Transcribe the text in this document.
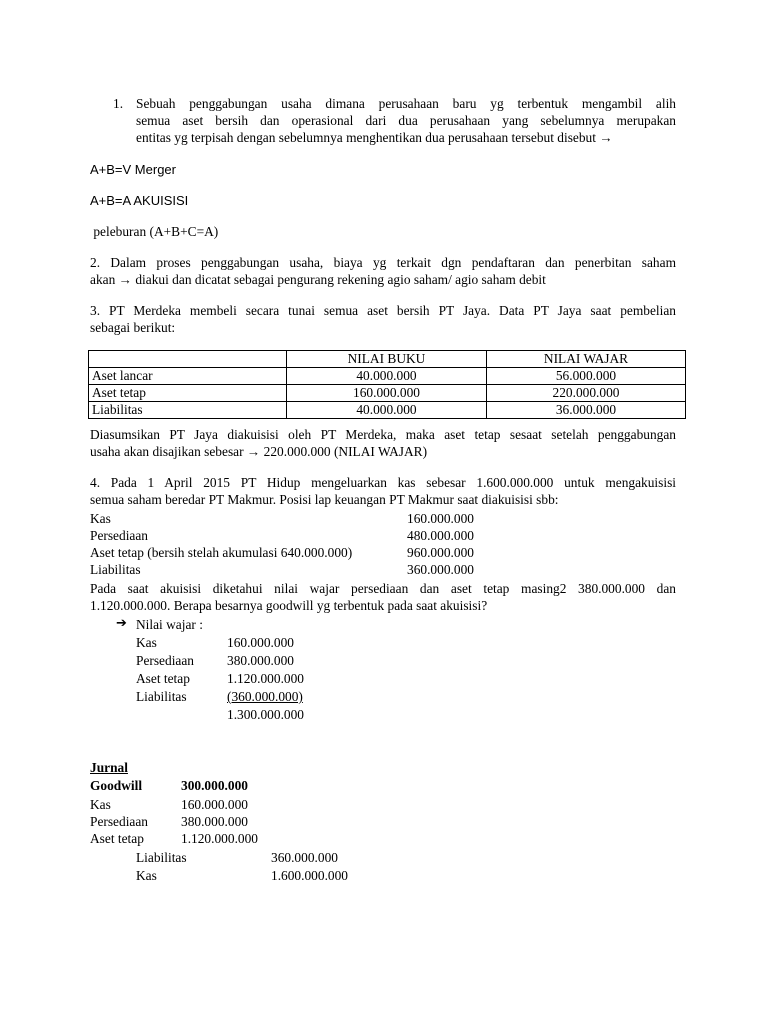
1. Sebuah penggabungan usaha dimana perusahaan baru yg terbentuk mengambil alih
semua aset bersih dan operasional dari dua perusahaan yang sebelumnya merupakan
entitas yg terpisah dengan sebelumnya menghentikan dua perusahaan tersebut disebut →
A+B=V Merger
A+B=A AKUISISI
peleburan (A+B+C=A)
2. Dalam proses penggabungan usaha, biaya yg terkait dgn pendaftaran dan penerbitan saham
akan → diakui dan dicatat sebagai pengurang rekening agio saham/ agio saham debit
3. PT Merdeka membeli secara tunai semua aset bersih PT Jaya. Data PT Jaya saat pembelian
sebagai berikut:
	NILAI BUKU	NILAI WAJAR
Aset lancar	40.000.000	56.000.000
Aset tetap	160.000.000	220.000.000
Liabilitas	40.000.000	36.000.000
Diasumsikan PT Jaya diakuisisi oleh PT Merdeka, maka aset tetap sesaat setelah penggabungan
usaha akan disajikan sebesar → 220.000.000 (NILAI WAJAR)
4. Pada 1 April 2015 PT Hidup mengeluarkan kas sebesar 1.600.000.000 untuk mengakuisisi
semua saham beredar PT Makmur. Posisi lap keuangan PT Makmur saat diakuisisi sbb:
Kas	160.000.000
Persediaan	480.000.000
Aset tetap (bersih stelah akumulasi 640.000.000)	960.000.000
Liabilitas	360.000.000
Pada saat akuisisi diketahui nilai wajar persediaan dan aset tetap masing2 380.000.000 dan
1.120.000.000. Berapa besarnya goodwill yg terbentuk pada saat akuisisi?
➔ Nilai wajar :
Kas	160.000.000
Persediaan 380.000.000
Aset tetap	1.120.000.000
Liabilitas	(360.000.000)
1.300.000.000
Jurnal
Goodwill	300.000.000
Kas	160.000.000
Persediaan 380.000.000
Aset tetap	1.120.000.000
Liabilitas	360.000.000
Kas	1.600.000.000
